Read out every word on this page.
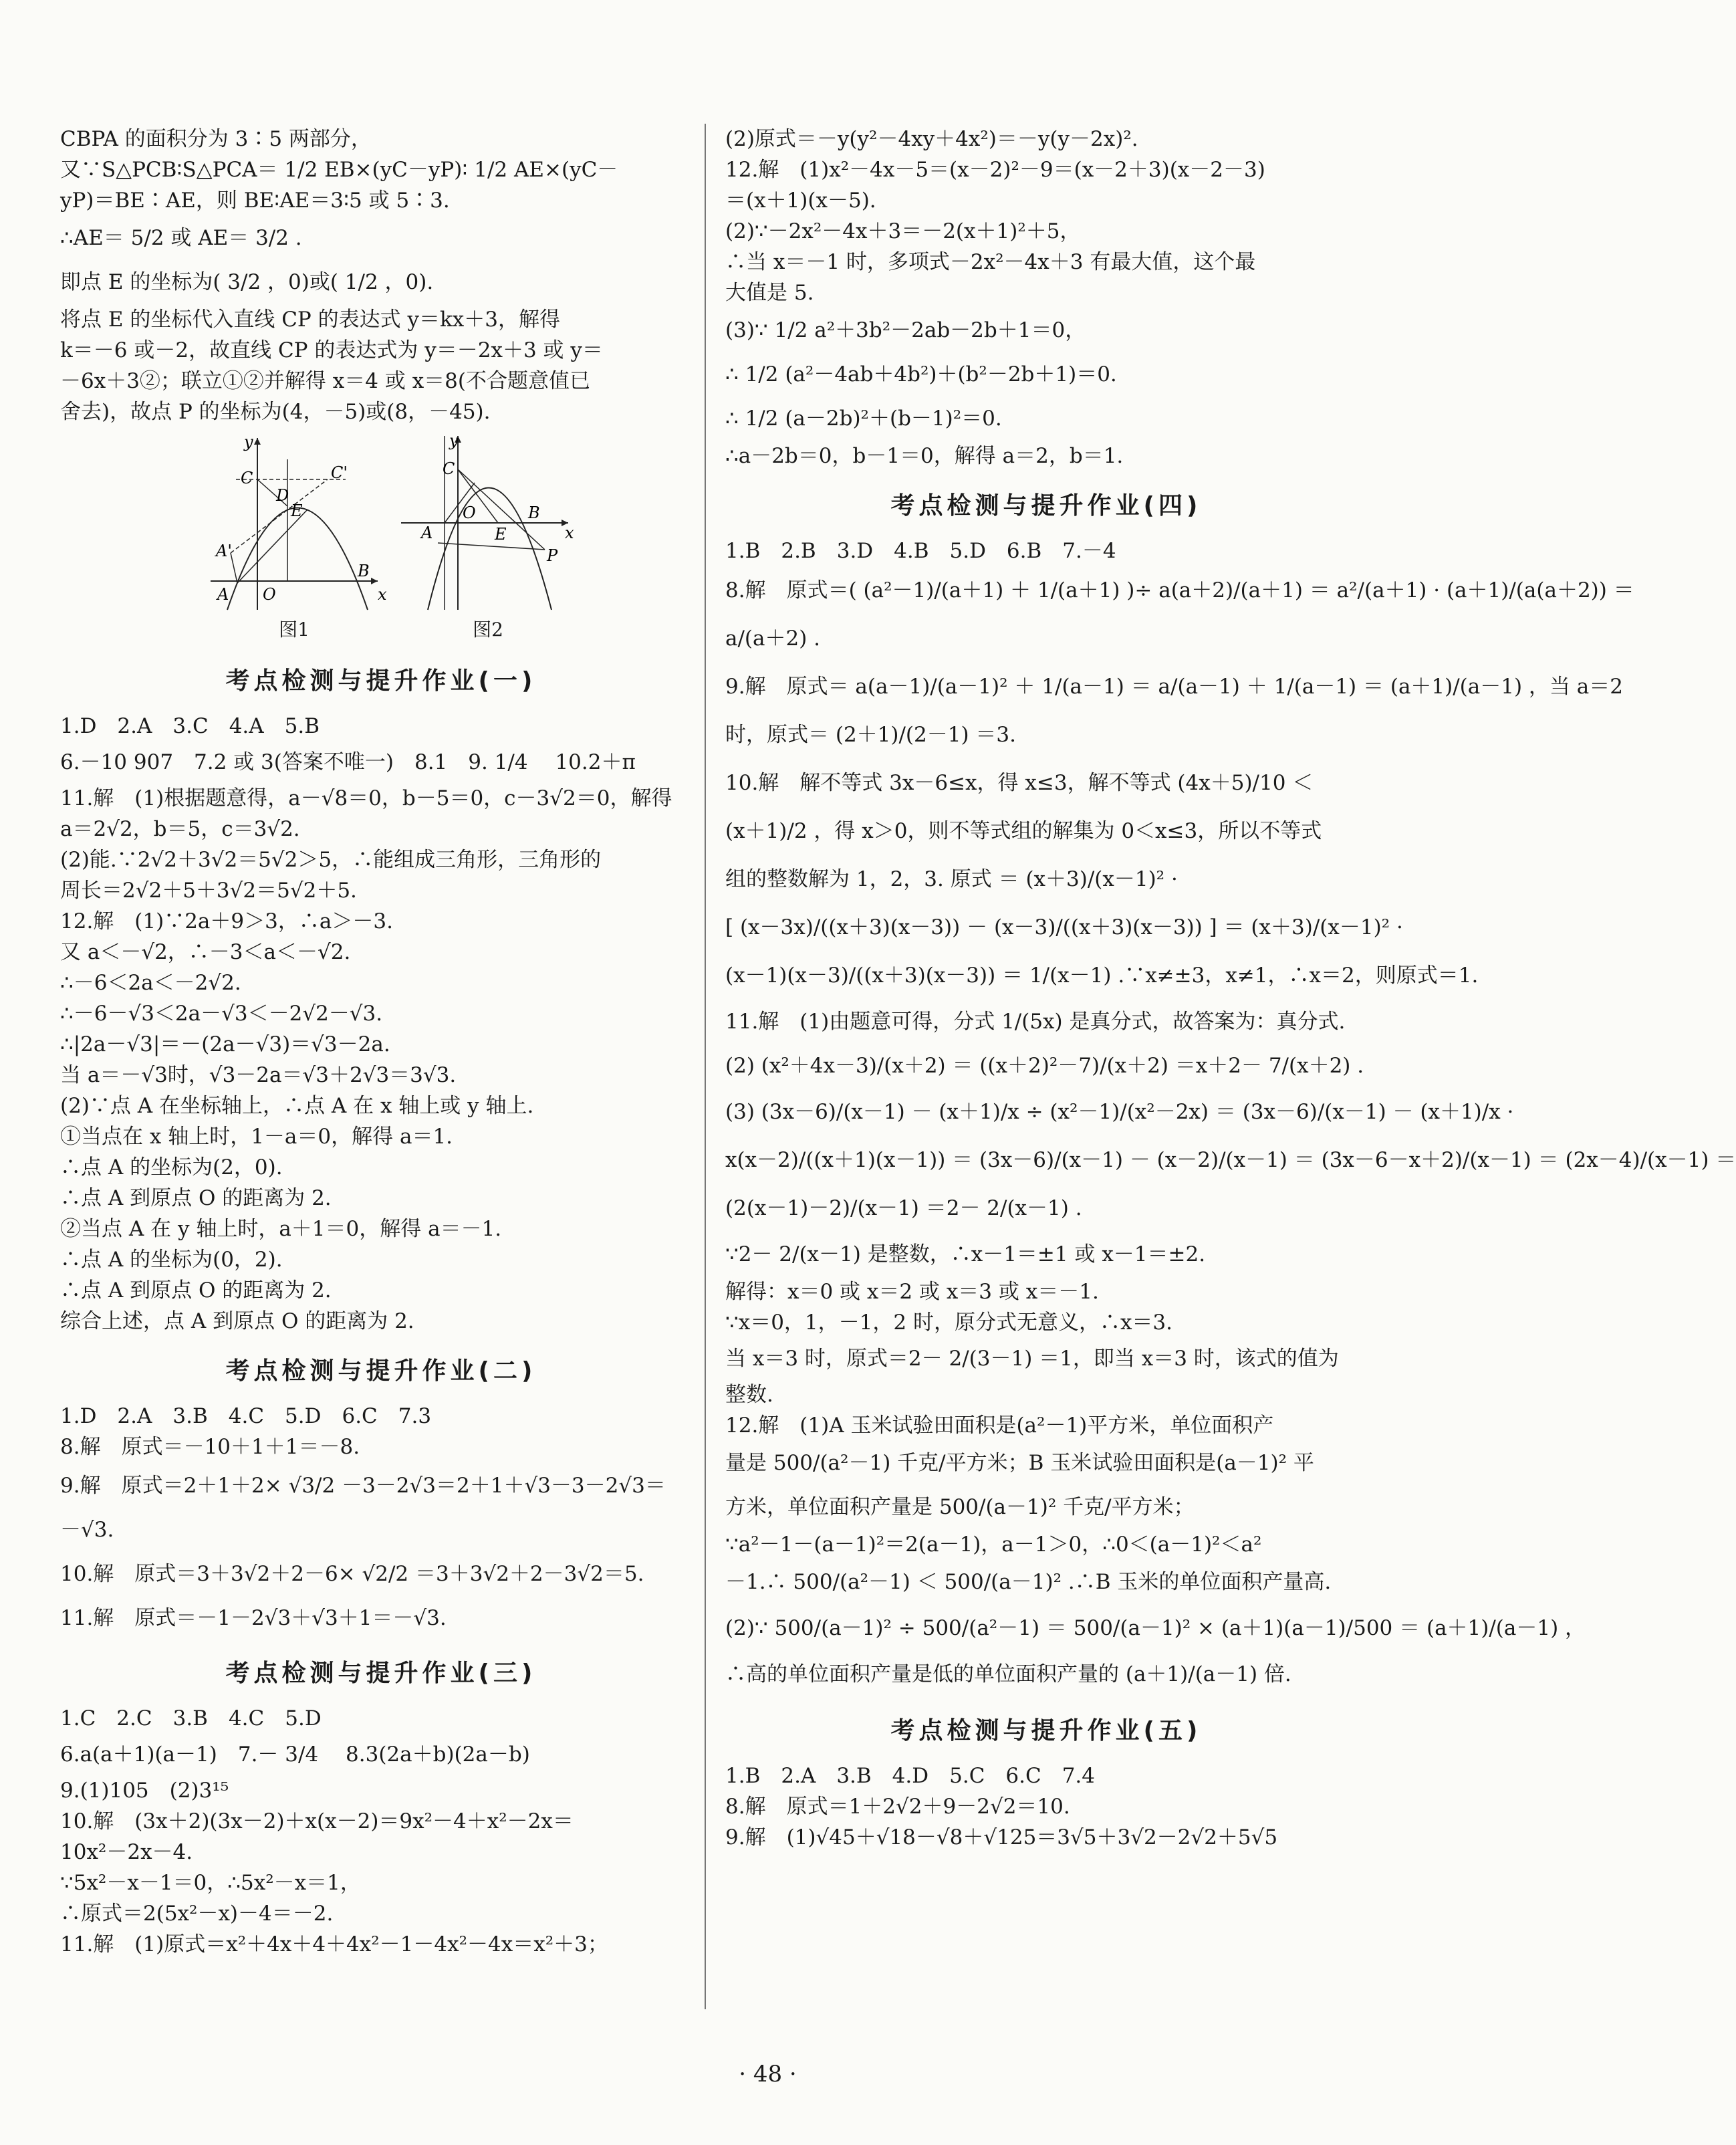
CBPA 的面积分为 3∶5 两部分，
又∵S△PCB∶S△PCA＝ 1/2 EB×(yC－yP)∶ 1/2 AE×(yC－
yP)＝BE∶AE，则 BE∶AE＝3∶5 或 5∶3.
∴AE＝ 5/2 或 AE＝ 3/2 .
即点 E 的坐标为( 3/2 ，0)或( 1/2 ，0).
将点 E 的坐标代入直线 CP 的表达式 y＝kx＋3，解得
k＝－6 或－2，故直线 CP 的表达式为 y＝－2x＋3 或 y＝
－6x＋3②；联立①②并解得 x＝4 或 x＝8(不合题意值已
舍去)，故点 P 的坐标为(4，－5)或(8，－45).
y
x
C	C'
D
E
A'
A O
B
图1
y
x
C
O
A	E
B
P
图2
考点检测与提升作业(一)
1.D　2.A　3.C　4.A　5.B
6.－10 907　7.2 或 3(答案不唯一)　8.1　9. 1/4 　10.2＋π
11.解　(1)根据题意得，a－√8＝0，b－5＝0，c－3√2＝0，解得
a＝2√2，b＝5，c＝3√2.
(2)能.∵2√2＋3√2＝5√2＞5，∴能组成三角形，三角形的
周长＝2√2＋5＋3√2＝5√2＋5.
12.解　(1)∵2a＋9＞3，∴a＞－3.
又 a＜－√2，∴－3＜a＜－√2.
∴－6＜2a＜－2√2.
∴－6－√3＜2a－√3＜－2√2－√3.
∴|2a－√3|＝－(2a－√3)＝√3－2a.
当 a＝－√3时，√3－2a＝√3＋2√3＝3√3.
(2)∵点 A 在坐标轴上，∴点 A 在 x 轴上或 y 轴上.
①当点在 x 轴上时，1－a＝0，解得 a＝1.
∴点 A 的坐标为(2，0).
∴点 A 到原点 O 的距离为 2.
②当点 A 在 y 轴上时，a＋1＝0，解得 a＝－1.
∴点 A 的坐标为(0，2).
∴点 A 到原点 O 的距离为 2.
综合上述，点 A 到原点 O 的距离为 2.
考点检测与提升作业(二)
1.D　2.A　3.B　4.C　5.D　6.C　7.3
8.解　原式＝－10＋1＋1＝－8.
9.解　原式＝2＋1＋2× √3/2 －3－2√3＝2＋1＋√3－3－2√3＝
－√3.
10.解　原式＝3＋3√2＋2－6× √2/2 ＝3＋3√2＋2－3√2＝5.
11.解　原式＝－1－2√3＋√3＋1＝－√3.
考点检测与提升作业(三)
1.C　2.C　3.B　4.C　5.D
6.a(a＋1)(a－1)　7.－ 3/4 　8.3(2a＋b)(2a－b)
9.(1)105　(2)3¹⁵
10.解　(3x＋2)(3x－2)＋x(x－2)＝9x²－4＋x²－2x＝
10x²－2x－4.
∵5x²－x－1＝0，∴5x²－x＝1，
∴原式＝2(5x²－x)－4＝－2.
11.解　(1)原式＝x²＋4x＋4＋4x²－1－4x²－4x＝x²＋3；
(2)原式＝－y(y²－4xy＋4x²)＝－y(y－2x)².
12.解　(1)x²－4x－5＝(x－2)²－9＝(x－2＋3)(x－2－3)
＝(x＋1)(x－5).
(2)∵－2x²－4x＋3＝－2(x＋1)²＋5，
∴当 x＝－1 时，多项式－2x²－4x＋3 有最大值，这个最
大值是 5.
(3)∵ 1/2 a²＋3b²－2ab－2b＋1＝0，
∴ 1/2 (a²－4ab＋4b²)＋(b²－2b＋1)＝0.
∴ 1/2 (a－2b)²＋(b－1)²＝0.
∴a－2b＝0，b－1＝0，解得 a＝2，b＝1.
考点检测与提升作业(四)
1.B　2.B　3.D　4.B　5.D　6.B　7.－4
8.解　原式＝( (a²－1)/(a＋1) ＋ 1/(a＋1) )÷ a(a＋2)/(a＋1) ＝ a²/(a＋1) · (a＋1)/(a(a＋2)) ＝
a/(a＋2) .
9.解　原式＝ a(a－1)/(a－1)² ＋ 1/(a－1) ＝ a/(a－1) ＋ 1/(a－1) ＝ (a＋1)/(a－1) ，当 a＝2
时，原式＝ (2＋1)/(2－1) ＝3.
10.解　解不等式 3x－6≤x，得 x≤3，解不等式 (4x＋5)/10 ＜
(x＋1)/2 ，得 x＞0，则不等式组的解集为 0＜x≤3，所以不等式
组的整数解为 1，2，3. 原式 ＝ (x＋3)/(x－1)² ·
[ (x－3x)/((x＋3)(x－3)) － (x－3)/((x＋3)(x－3)) ] ＝ (x＋3)/(x－1)² ·
(x－1)(x－3)/((x＋3)(x－3)) ＝ 1/(x－1) .∵x≠±3，x≠1，∴x＝2，则原式＝1.
11.解　(1)由题意可得，分式 1/(5x) 是真分式，故答案为：真分式.
(2) (x²＋4x－3)/(x＋2) ＝ ((x＋2)²－7)/(x＋2) ＝x＋2－ 7/(x＋2) .
(3) (3x－6)/(x－1) － (x＋1)/x ÷ (x²－1)/(x²－2x) ＝ (3x－6)/(x－1) － (x＋1)/x ·
x(x－2)/((x＋1)(x－1)) ＝ (3x－6)/(x－1) － (x－2)/(x－1) ＝ (3x－6－x＋2)/(x－1) ＝ (2x－4)/(x－1) ＝
(2(x－1)－2)/(x－1) ＝2－ 2/(x－1) .
∵2－ 2/(x－1) 是整数，∴x－1＝±1 或 x－1＝±2.
解得：x＝0 或 x＝2 或 x＝3 或 x＝－1.
∵x＝0，1，－1，2 时，原分式无意义，∴x＝3.
当 x＝3 时，原式＝2－ 2/(3－1) ＝1，即当 x＝3 时，该式的值为
整数.
12.解　(1)A 玉米试验田面积是(a²－1)平方米，单位面积产
量是 500/(a²－1) 千克/平方米；B 玉米试验田面积是(a－1)² 平
方米，单位面积产量是 500/(a－1)² 千克/平方米；
∵a²－1－(a－1)²＝2(a－1)，a－1＞0，∴0＜(a－1)²＜a²
－1.∴ 500/(a²－1) ＜ 500/(a－1)² .∴B 玉米的单位面积产量高.
(2)∵ 500/(a－1)² ÷ 500/(a²－1) ＝ 500/(a－1)² × (a＋1)(a－1)/500 ＝ (a＋1)/(a－1) ，
∴高的单位面积产量是低的单位面积产量的 (a＋1)/(a－1) 倍.
考点检测与提升作业(五)
1.B　2.A　3.B　4.D　5.C　6.C　7.4
8.解　原式＝1＋2√2＋9－2√2＝10.
9.解　(1)√45＋√18－√8＋√125＝3√5＋3√2－2√2＋5√5
· 48 ·
